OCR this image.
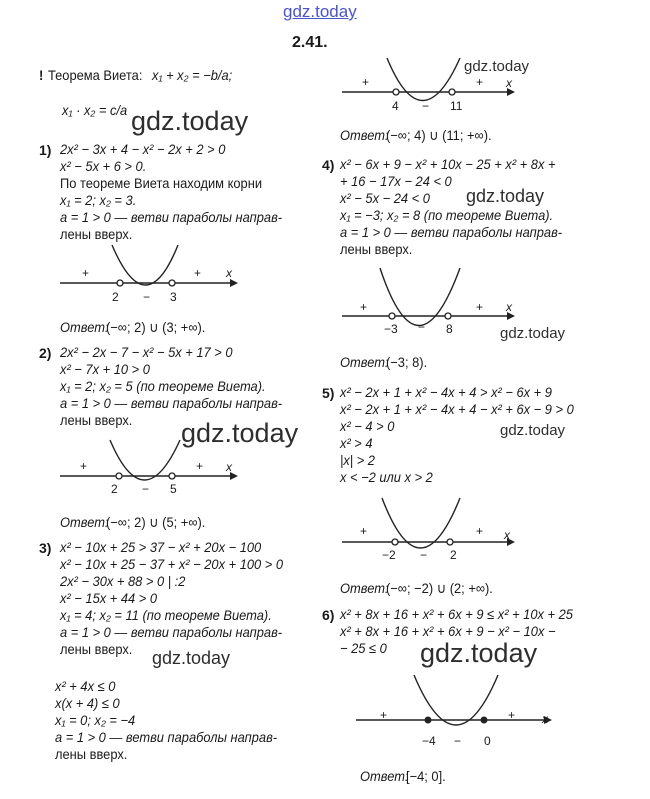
gdz.today
2.41.
! Теорема Виета: x₁ + x₂ = −b/a;
x₁ · x₂ = c/a gdz.today
1) 2x² − 3x + 4 − x² − 2x + 2 > 0
x² − 5x + 6 > 0.
По теореме Виета находим корни
x₁ = 2; x₂ = 3.
a = 1 > 0 — ветви параболы направ-
лены вверх.
+
−
+ x
2	3
Ответ:
(−∞; 2) ∪ (3; +∞).
2) 2x² − 2x − 7 − x² − 5x + 17 > 0
x² − 7x + 10 > 0
x₁ = 2; x₂ = 5 (по теореме Виета).
a = 1 > 0 — ветви параболы направ-
лены вверх.	gdz.today
+
−
+ x
2	5
Ответ:
(−∞; 2) ∪ (5; +∞).
3) x² − 10x + 25 > 37 − x² + 20x − 100
x² − 10x + 25 − 37 + x² − 20x + 100 > 0
2x² − 30x + 88 > 0 | :2
x² − 15x + 44 > 0
x₁ = 4; x₂ = 11 (по теореме Виета).
a = 1 > 0 — ветви параболы направ-
лены вверх.	gdz.today
x² + 4x ≤ 0
x(x + 4) ≤ 0
x₁ = 0; x₂ = −4
a = 1 > 0 — ветви параболы направ-
лены вверх.
+
−
+ x
4	11
gdz.today
Ответ:
(−∞; 4) ∪ (11; +∞).
4) x² − 6x + 9 − x² + 10x − 25 + x² + 8x +
+ 16 − 17x − 24 < 0
x² − 5x − 24 < 0
x₁ = −3; x₂ = 8 (по теореме Виета).
a = 1 > 0 — ветви параболы направ-
лены вверх.
gdz.today
+
−
+ x
−3	8	gdz.today
Ответ:
(−3; 8).
5) x² − 2x + 1 + x² − 4x + 4 > x² − 6x + 9
x² − 2x + 1 + x² − 4x + 4 − x² + 6x − 9 > 0
x² − 4 > 0
x² > 4
|x| > 2
x < −2 или x > 2
gdz.today
+
−
+ x
−2	2
Ответ:
(−∞; −2) ∪ (2; +∞).
6) x² + 8x + 16 + x² + 6x + 9 ≤ x² + 10x + 25
x² + 8x + 16 + x² + 6x + 9 − x² − 10x −
− 25 ≤ 0	gdz.today
+
−
+ x
−4	0
Ответ:
[−4; 0].
